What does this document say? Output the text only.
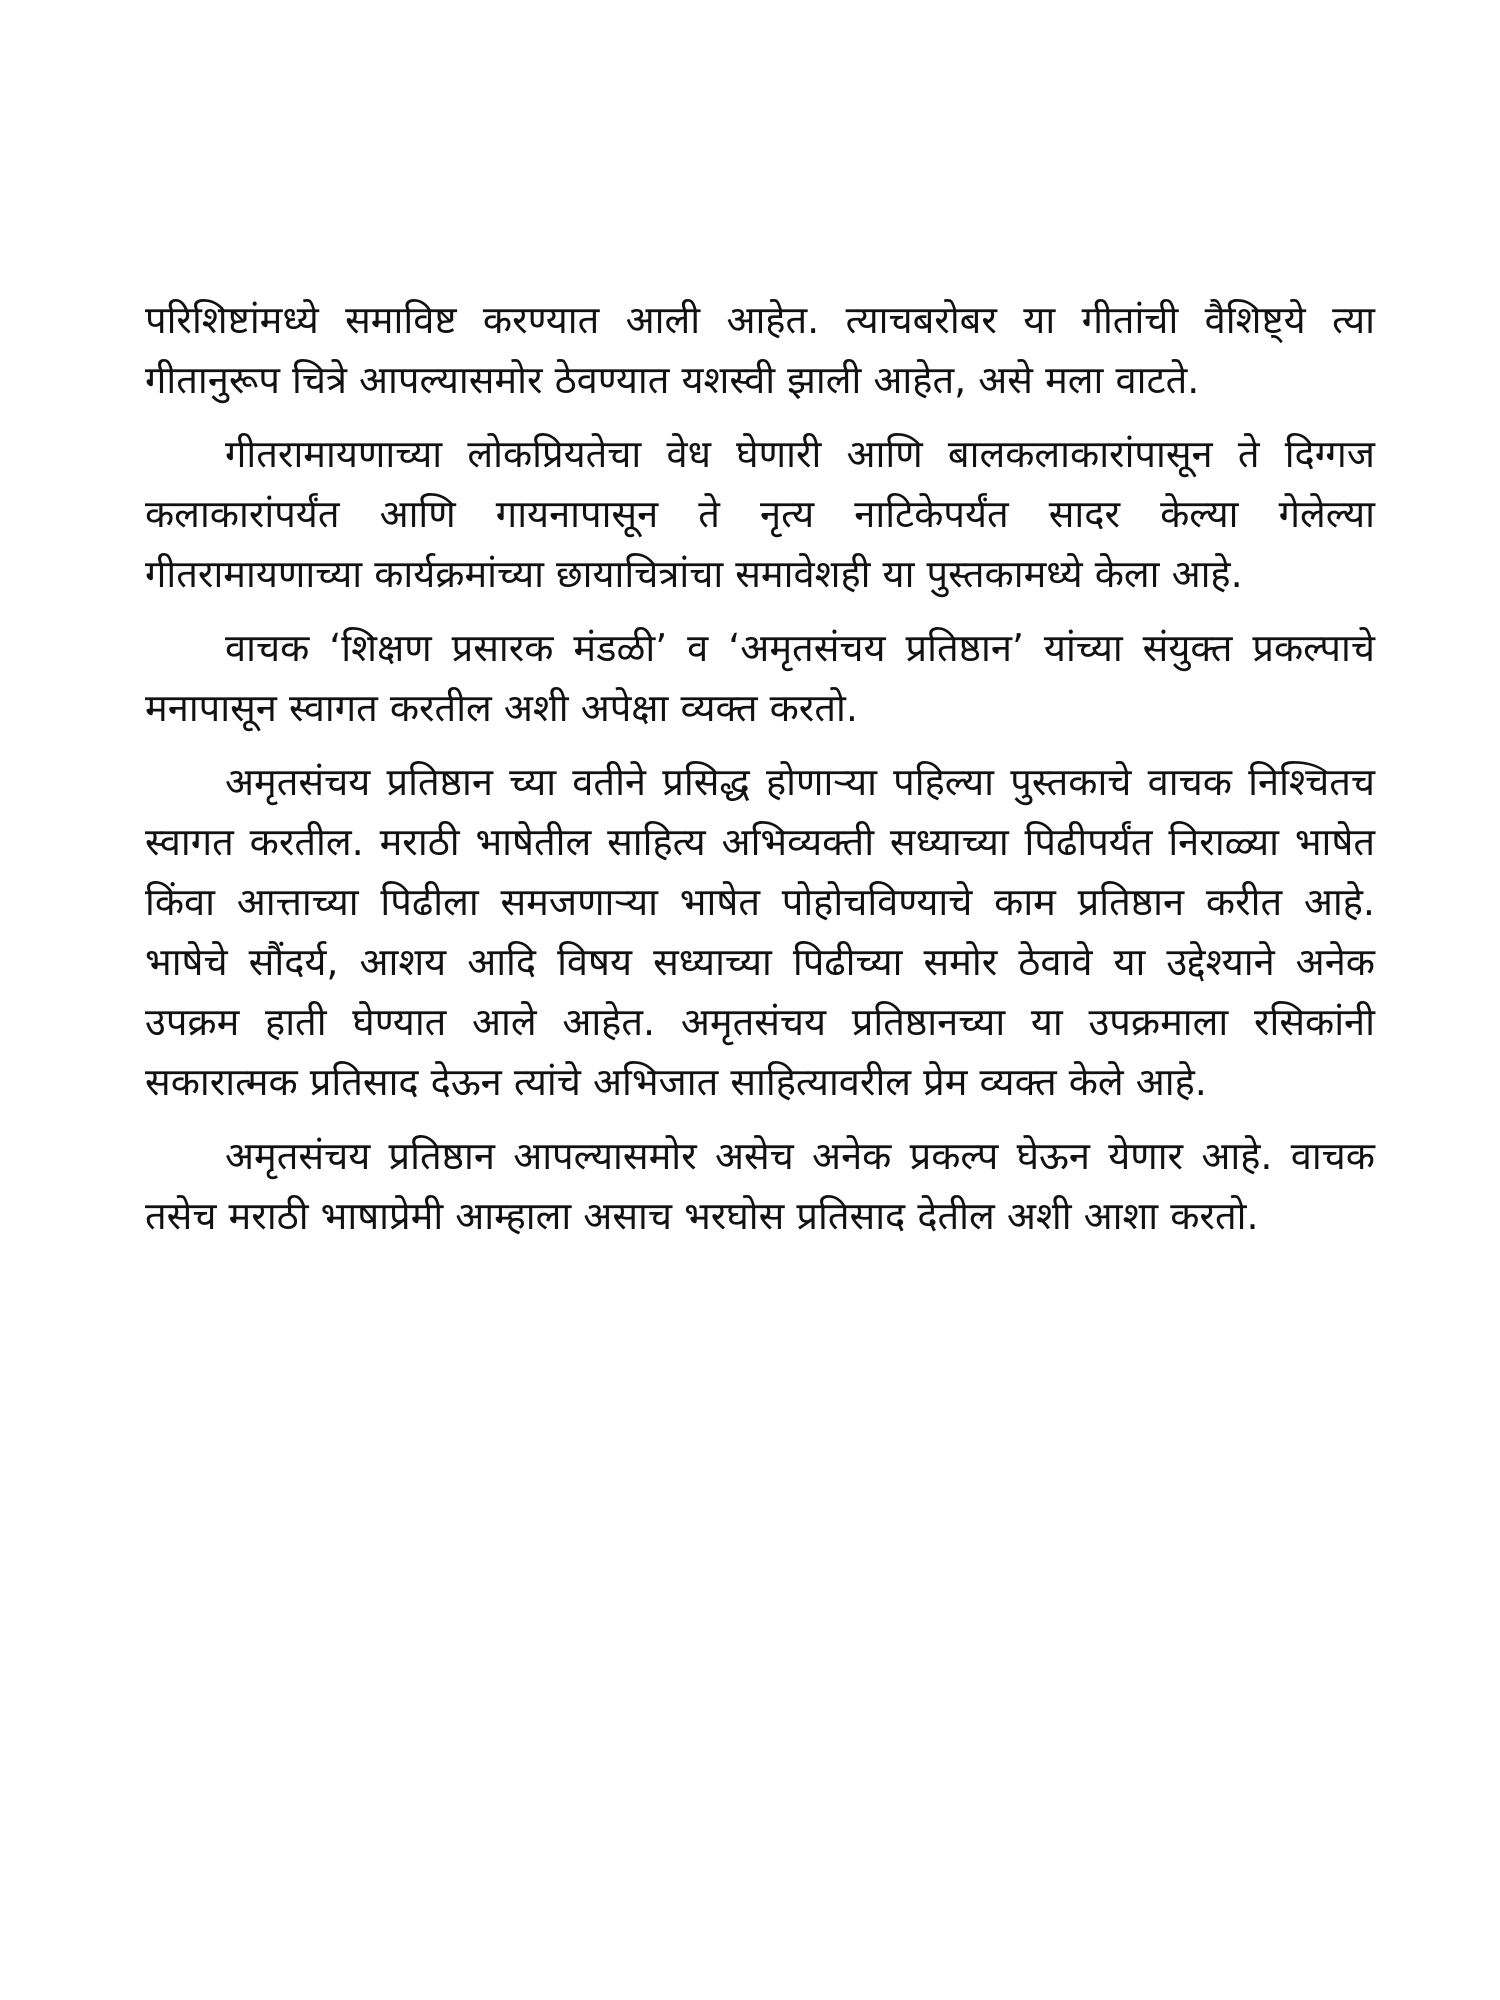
परिशिष्टांमध्ये समाविष्ट करण्यात आली आहेत. त्याचबरोबर या गीतांची वैशिष्ट्ये त्या गीतानुरूप चित्रे आपल्यासमोर ठेवण्यात यशस्वी झाली आहेत, असे मला वाटते.

गीतरामायणाच्या लोकप्रियतेचा वेध घेणारी आणि बालकलाकारांपासून ते दिग्गज कलाकारांपर्यंत आणि गायनापासून ते नृत्य नाटिकेपर्यंत सादर केल्या गेलेल्या गीतरामायणाच्या कार्यक्रमांच्या छायाचित्रांचा समावेशही या पुस्तकामध्ये केला आहे.

वाचक ‘शिक्षण प्रसारक मंडळी’ व ‘अमृतसंचय प्रतिष्ठान’ यांच्या संयुक्त प्रकल्पाचे मनापासून स्वागत करतील अशी अपेक्षा व्यक्त करतो.

अमृतसंचय प्रतिष्ठान च्या वतीने प्रसिद्ध होणाऱ्या पहिल्या पुस्तकाचे वाचक निश्चितच स्वागत करतील. मराठी भाषेतील साहित्य अभिव्यक्ती सध्याच्या पिढीपर्यंत निराळ्या भाषेत किंवा आत्ताच्या पिढीला समजणाऱ्या भाषेत पोहोचविण्याचे काम प्रतिष्ठान करीत आहे. भाषेचे सौंदर्य, आशय आदि विषय सध्याच्या पिढीच्या समोर ठेवावे या उद्देश्याने अनेक उपक्रम हाती घेण्यात आले आहेत. अमृतसंचय प्रतिष्ठानच्या या उपक्रमाला रसिकांनी सकारात्मक प्रतिसाद देऊन त्यांचे अभिजात साहित्यावरील प्रेम व्यक्त केले आहे.

अमृतसंचय प्रतिष्ठान आपल्यासमोर असेच अनेक प्रकल्प घेऊन येणार आहे. वाचक तसेच मराठी भाषाप्रेमी आम्हाला असाच भरघोस प्रतिसाद देतील अशी आशा करतो.
